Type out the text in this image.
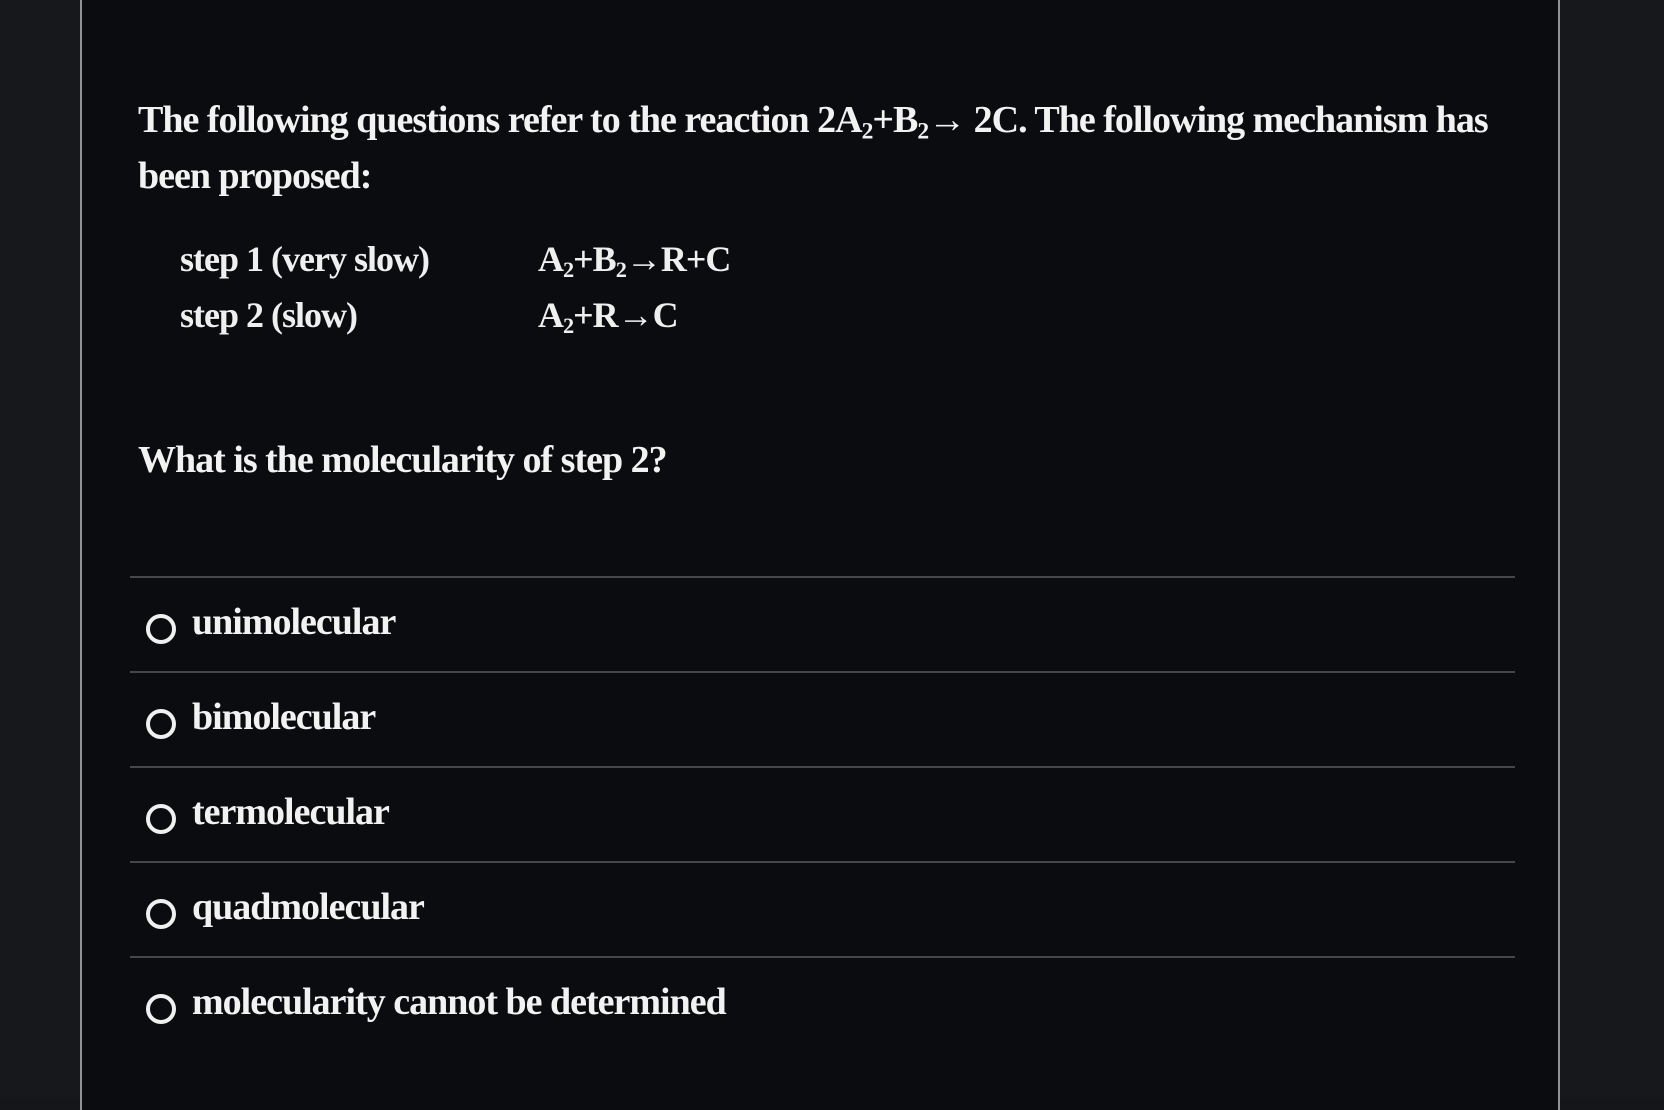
The following questions refer to the reaction $2A_2+B_2\to 2C$. The following mechanism has been proposed:
step 1 (very slow)	$A_2+B_2\to R+C$
step 2 (slow)	$A_2+R\to C$
What is the molecularity of step 2?
unimolecular
bimolecular
termolecular
quadmolecular
molecularity cannot be determined
